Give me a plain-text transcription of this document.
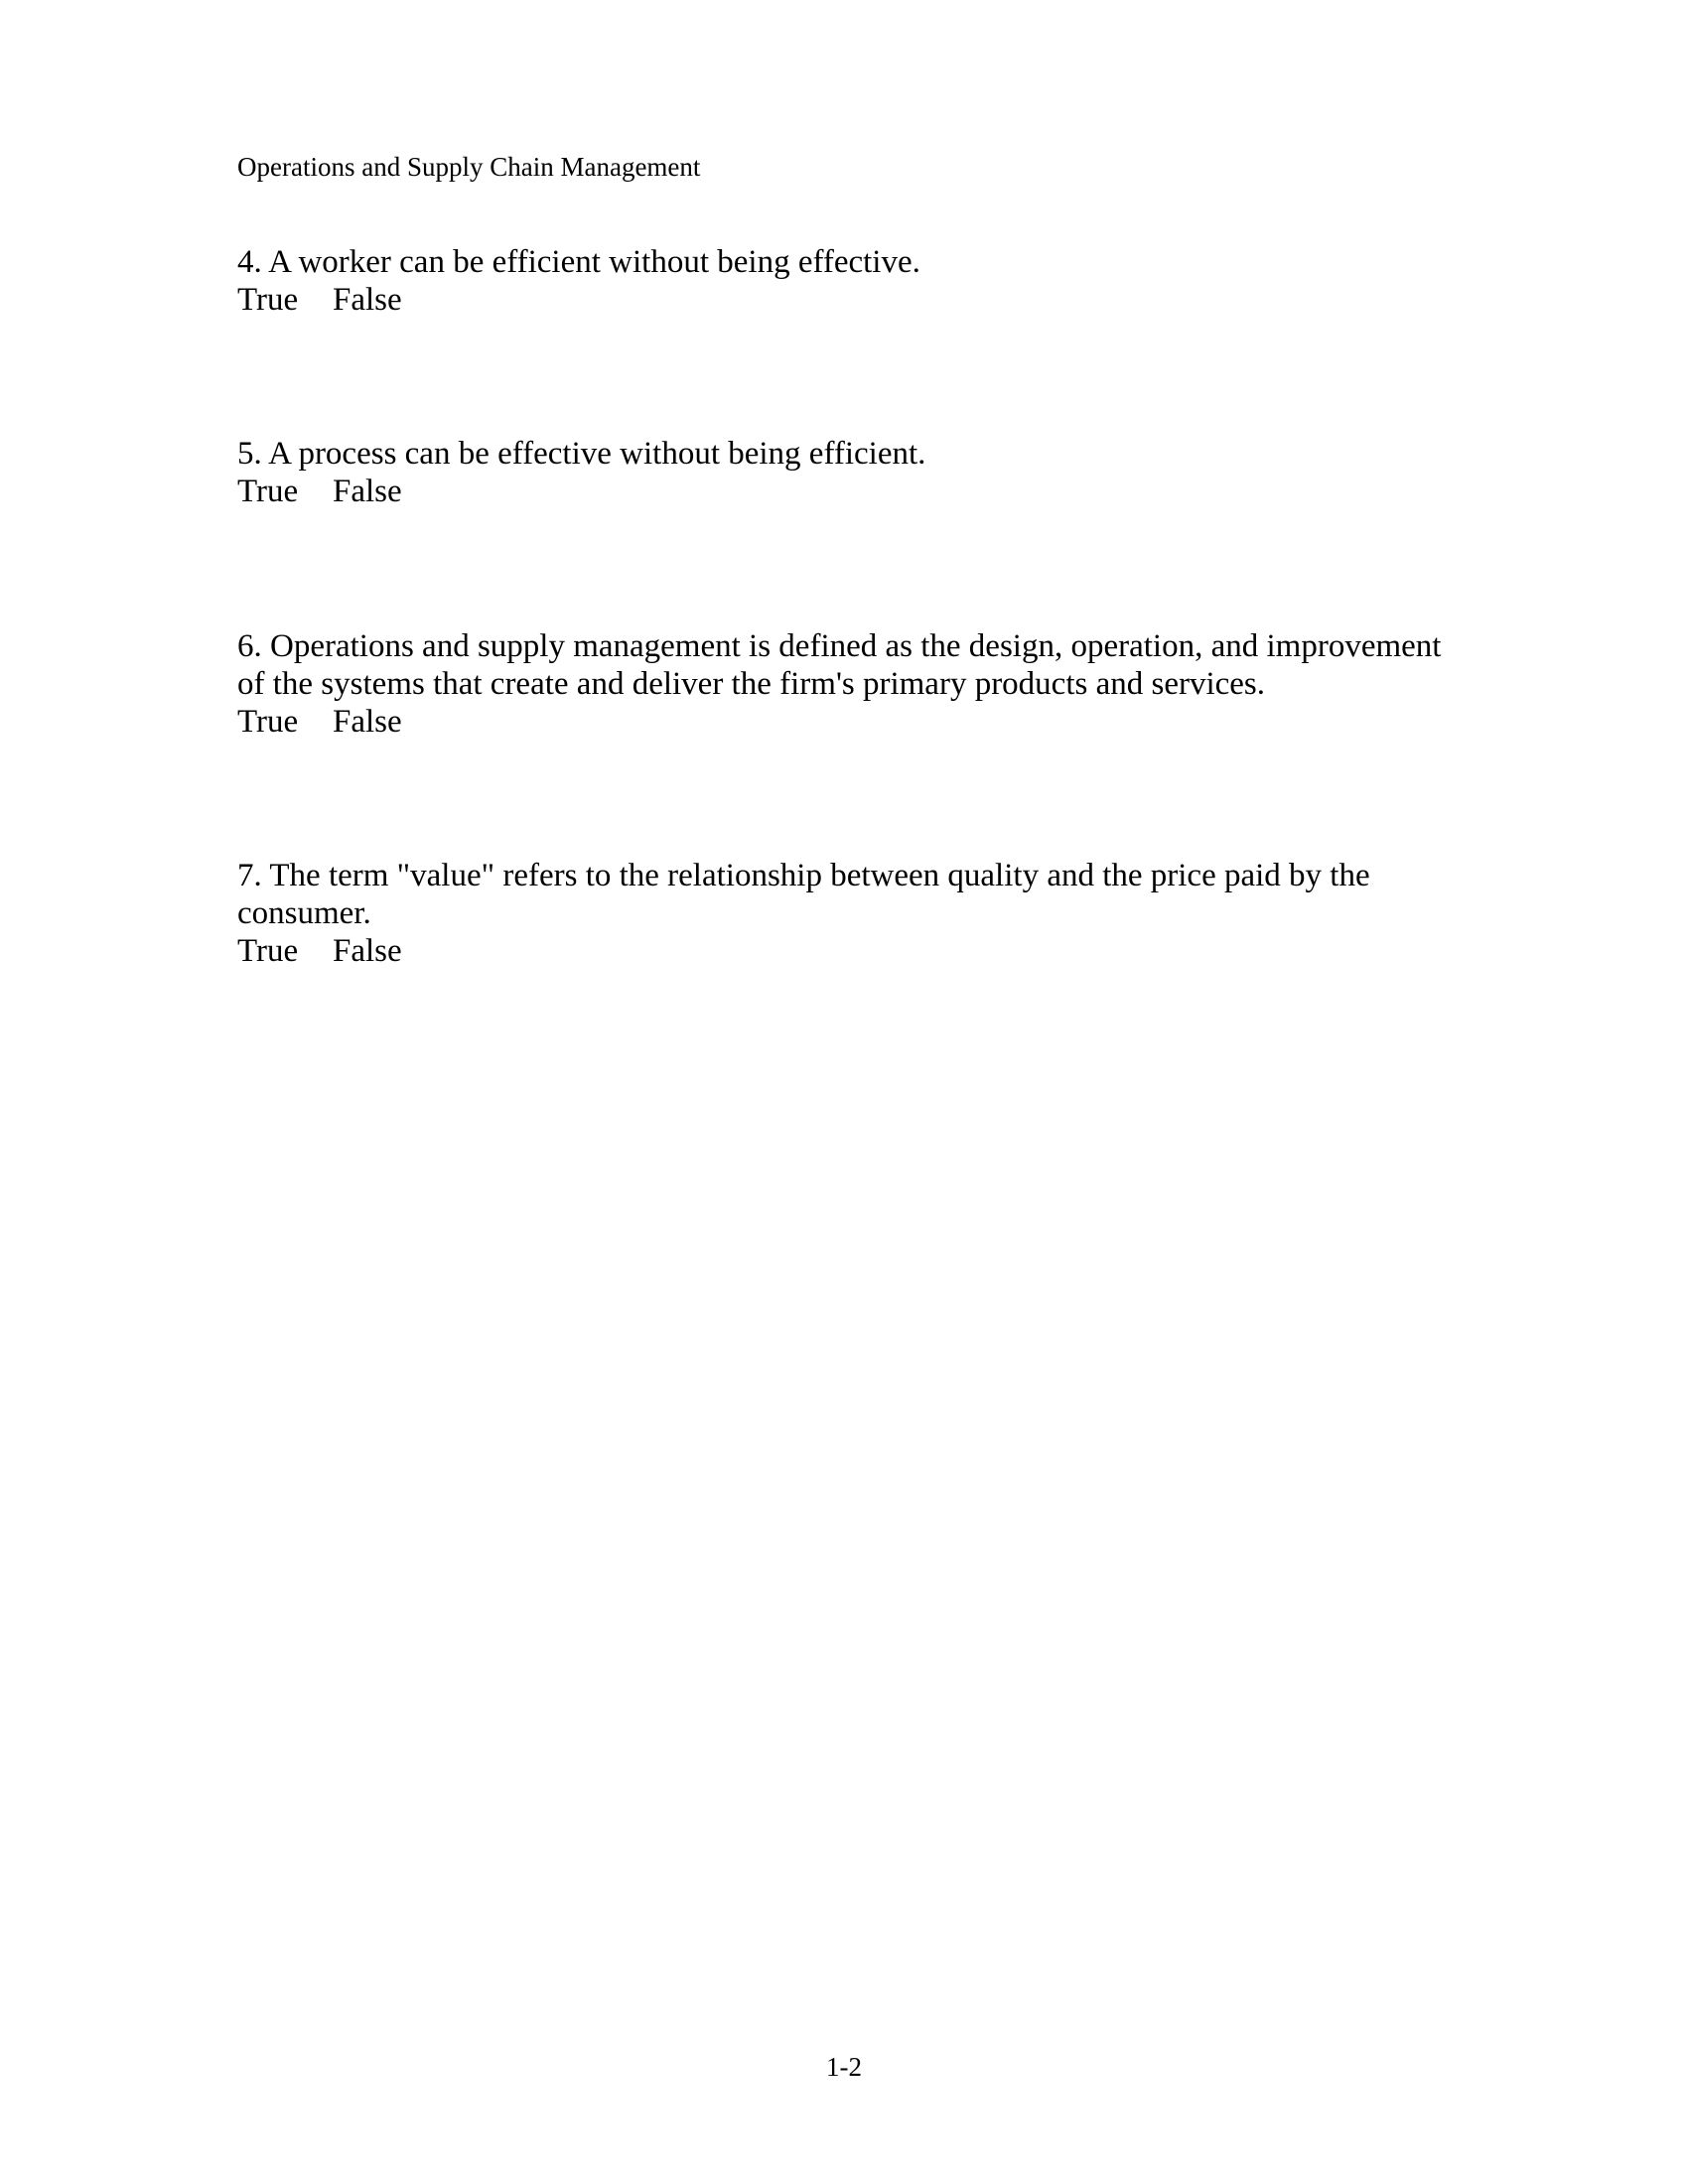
Operations and Supply Chain Management
4. A worker can be efficient without being effective.
True False
5. A process can be effective without being efficient.
True False
6. Operations and supply management is defined as the design, operation, and improvement of the systems that create and deliver the firm's primary products and services.
True False
7. The term "value" refers to the relationship between quality and the price paid by the consumer.
True False
1-2
